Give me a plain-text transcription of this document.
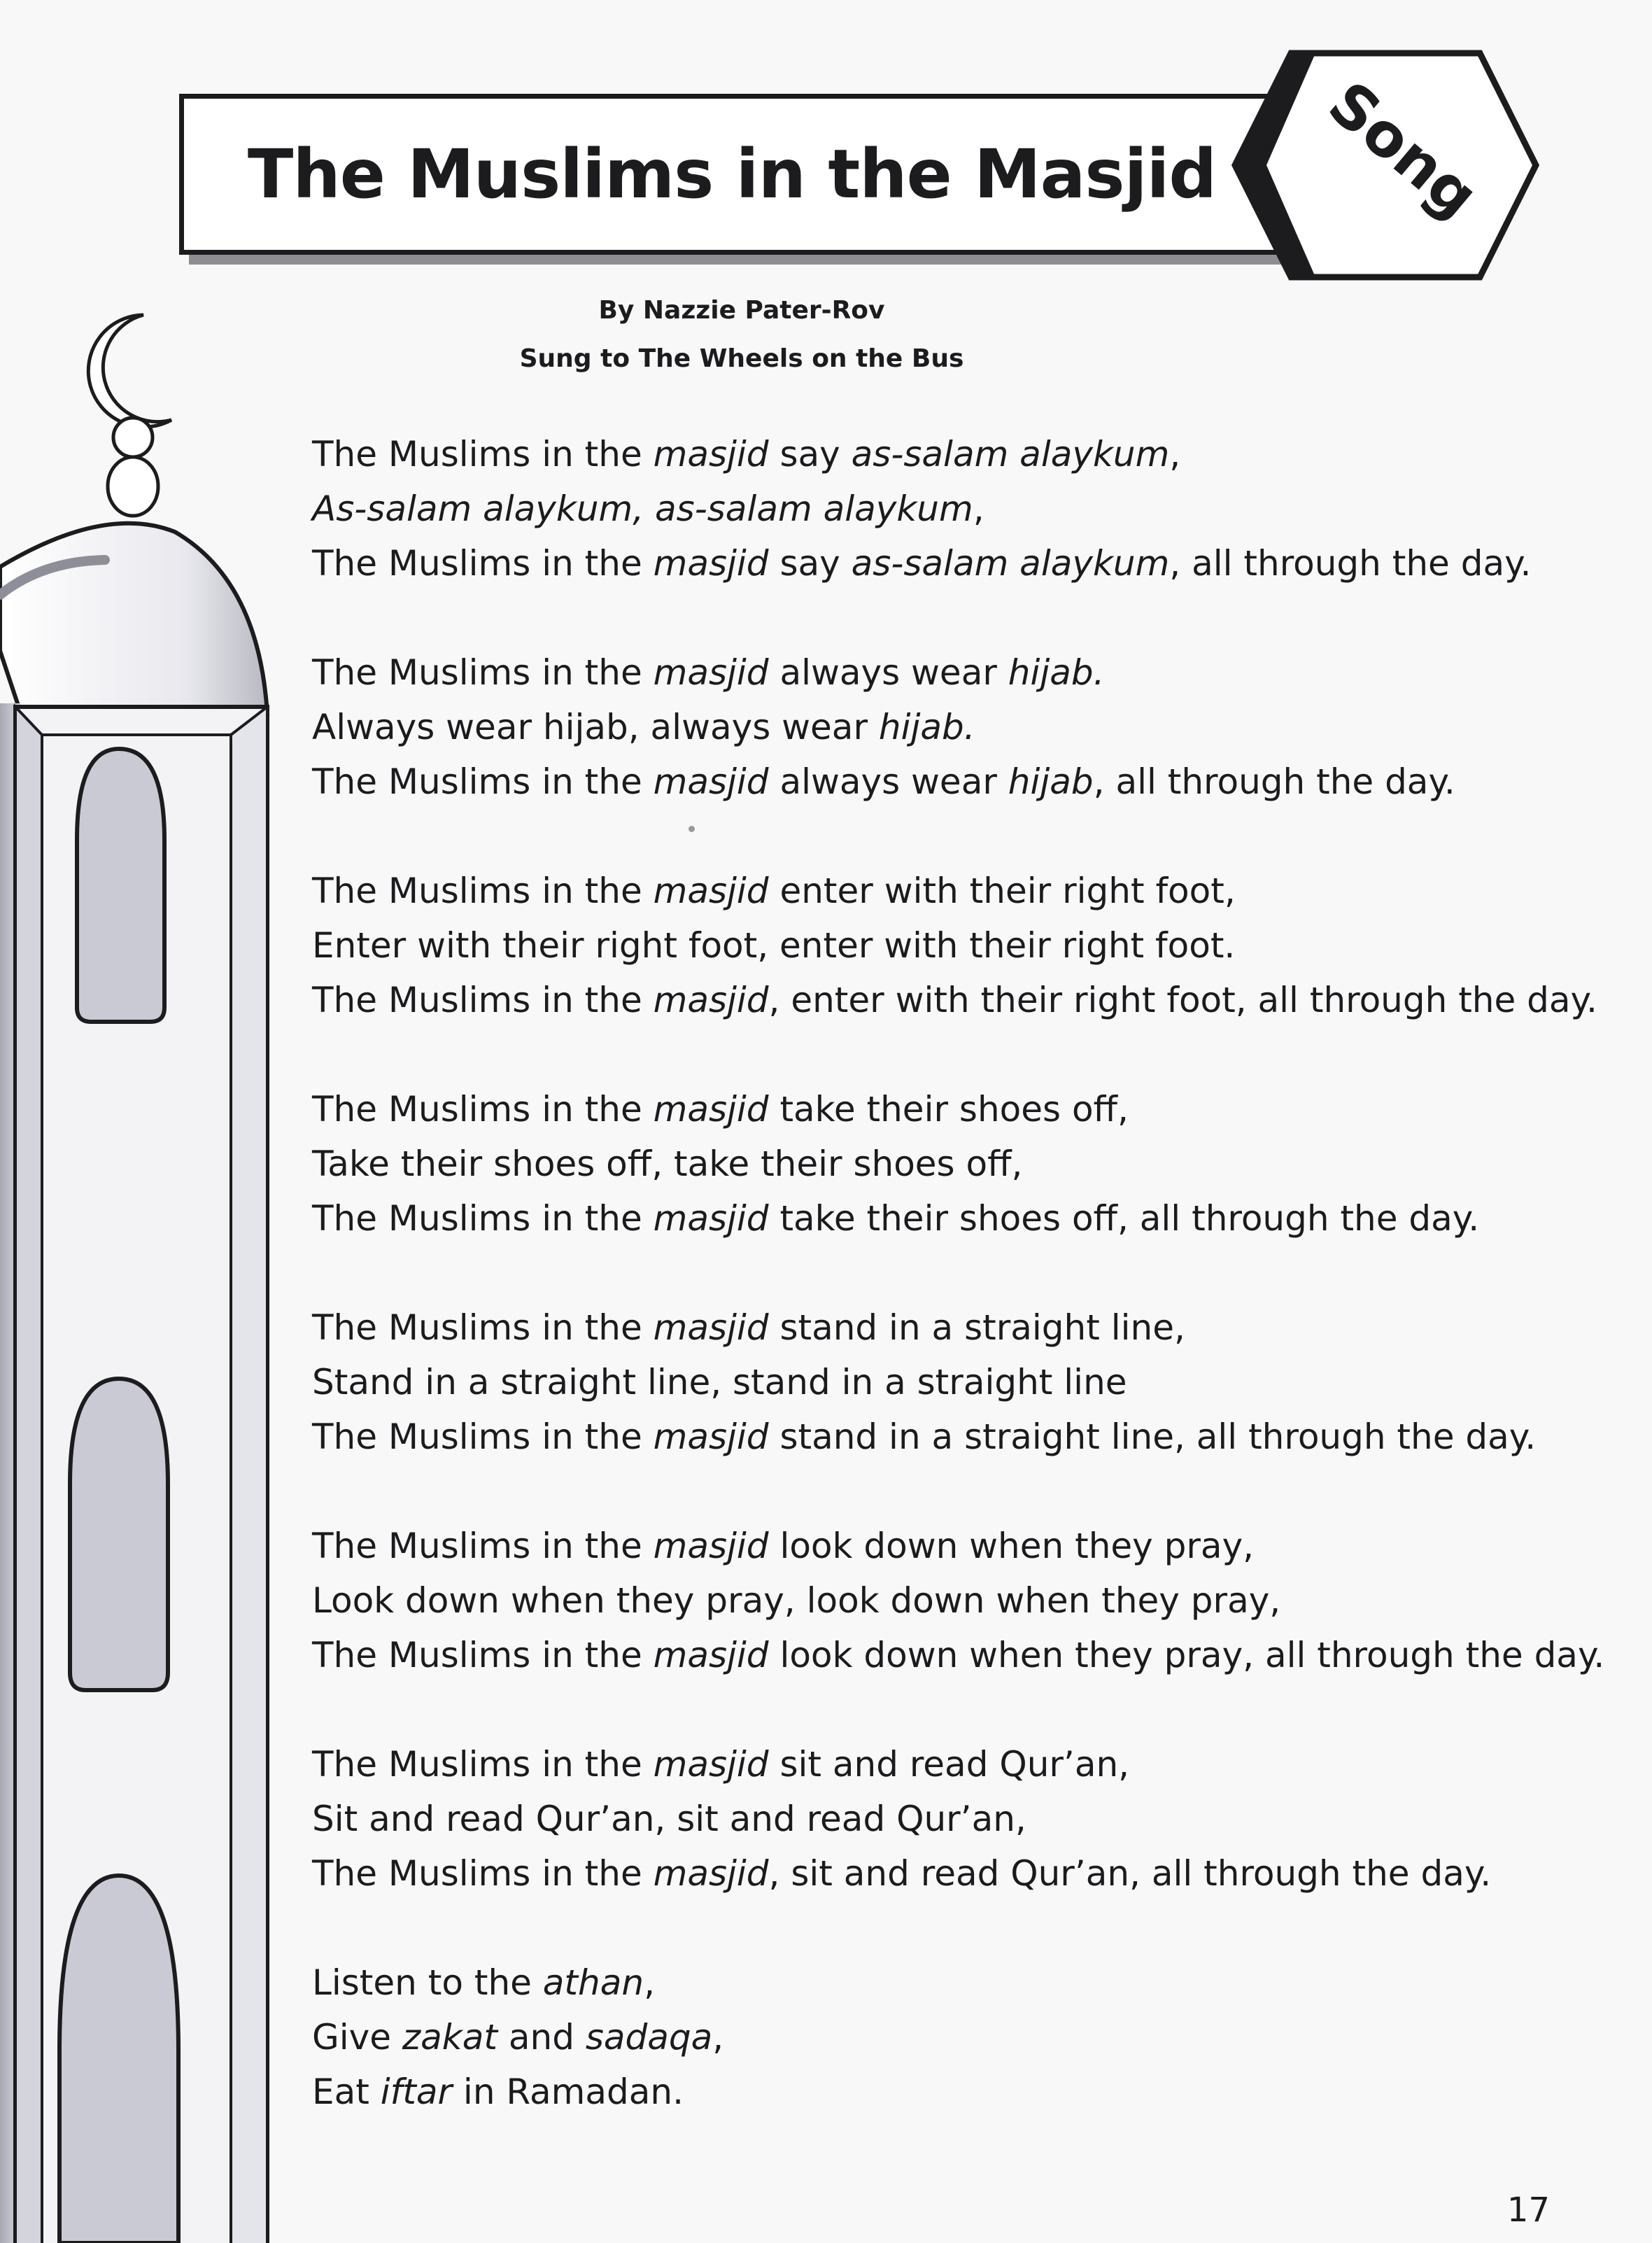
The Muslims in the Masjid	Song
By Nazzie Pater-Rov
Sung to The Wheels on the Bus
The Muslims in the masjid say as-salam alaykum,
As-salam alaykum, as-salam alaykum,
The Muslims in the masjid say as-salam alaykum, all through the day.
The Muslims in the masjid always wear hijab.
Always wear hijab, always wear hijab.
The Muslims in the masjid always wear hijab, all through the day.
The Muslims in the masjid enter with their right foot,
Enter with their right foot, enter with their right foot.
The Muslims in the masjid, enter with their right foot, all through the day.
The Muslims in the masjid take their shoes off,
Take their shoes off, take their shoes off,
The Muslims in the masjid take their shoes off, all through the day.
The Muslims in the masjid stand in a straight line,
Stand in a straight line, stand in a straight line
The Muslims in the masjid stand in a straight line, all through the day.
The Muslims in the masjid look down when they pray,
Look down when they pray, look down when they pray,
The Muslims in the masjid look down when they pray, all through the day.
The Muslims in the masjid sit and read Qur’an,
Sit and read Qur’an, sit and read Qur’an,
The Muslims in the masjid, sit and read Qur’an, all through the day.
Listen to the athan,
Give zakat and sadaqa,
Eat iftar in Ramadan.
17
